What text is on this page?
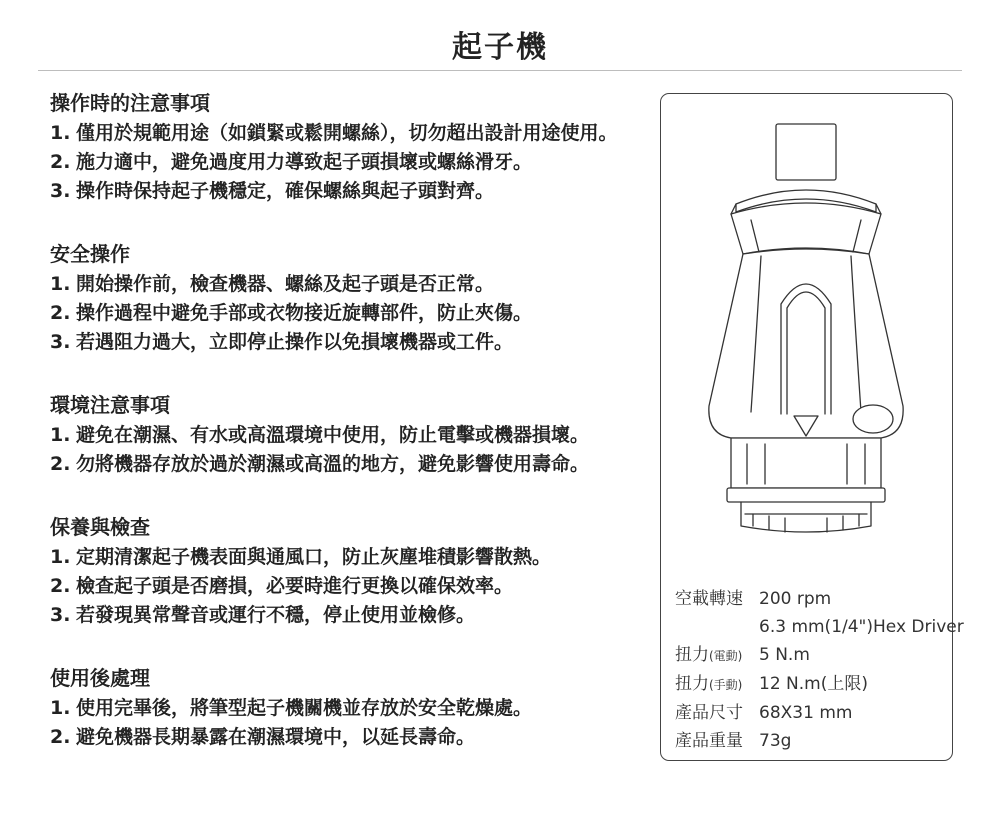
起子機
操作時的注意事項
1. 僅用於規範用途（如鎖緊或鬆開螺絲），切勿超出設計用途使用。
2. 施力適中，避免過度用力導致起子頭損壞或螺絲滑牙。
3. 操作時保持起子機穩定，確保螺絲與起子頭對齊。
安全操作
1. 開始操作前，檢查機器、螺絲及起子頭是否正常。
2. 操作過程中避免手部或衣物接近旋轉部件，防止夾傷。
3. 若遇阻力過大，立即停止操作以免損壞機器或工件。
環境注意事項
1. 避免在潮濕、有水或高溫環境中使用，防止電擊或機器損壞。
2. 勿將機器存放於過於潮濕或高溫的地方，避免影響使用壽命。
保養與檢查
1. 定期清潔起子機表面與通風口，防止灰塵堆積影響散熱。
2. 檢查起子頭是否磨損，必要時進行更換以確保效率。
3. 若發現異常聲音或運行不穩，停止使用並檢修。
使用後處理
1. 使用完畢後，將筆型起子機關機並存放於安全乾燥處。
2. 避免機器長期暴露在潮濕環境中，以延長壽命。
空載轉速 200 rpm
6.3 mm(1/4")Hex Driver
扭力(電動) 5 N.m
扭力(手動) 12 N.m(上限)
產品尺寸 68X31 mm
產品重量 73g
